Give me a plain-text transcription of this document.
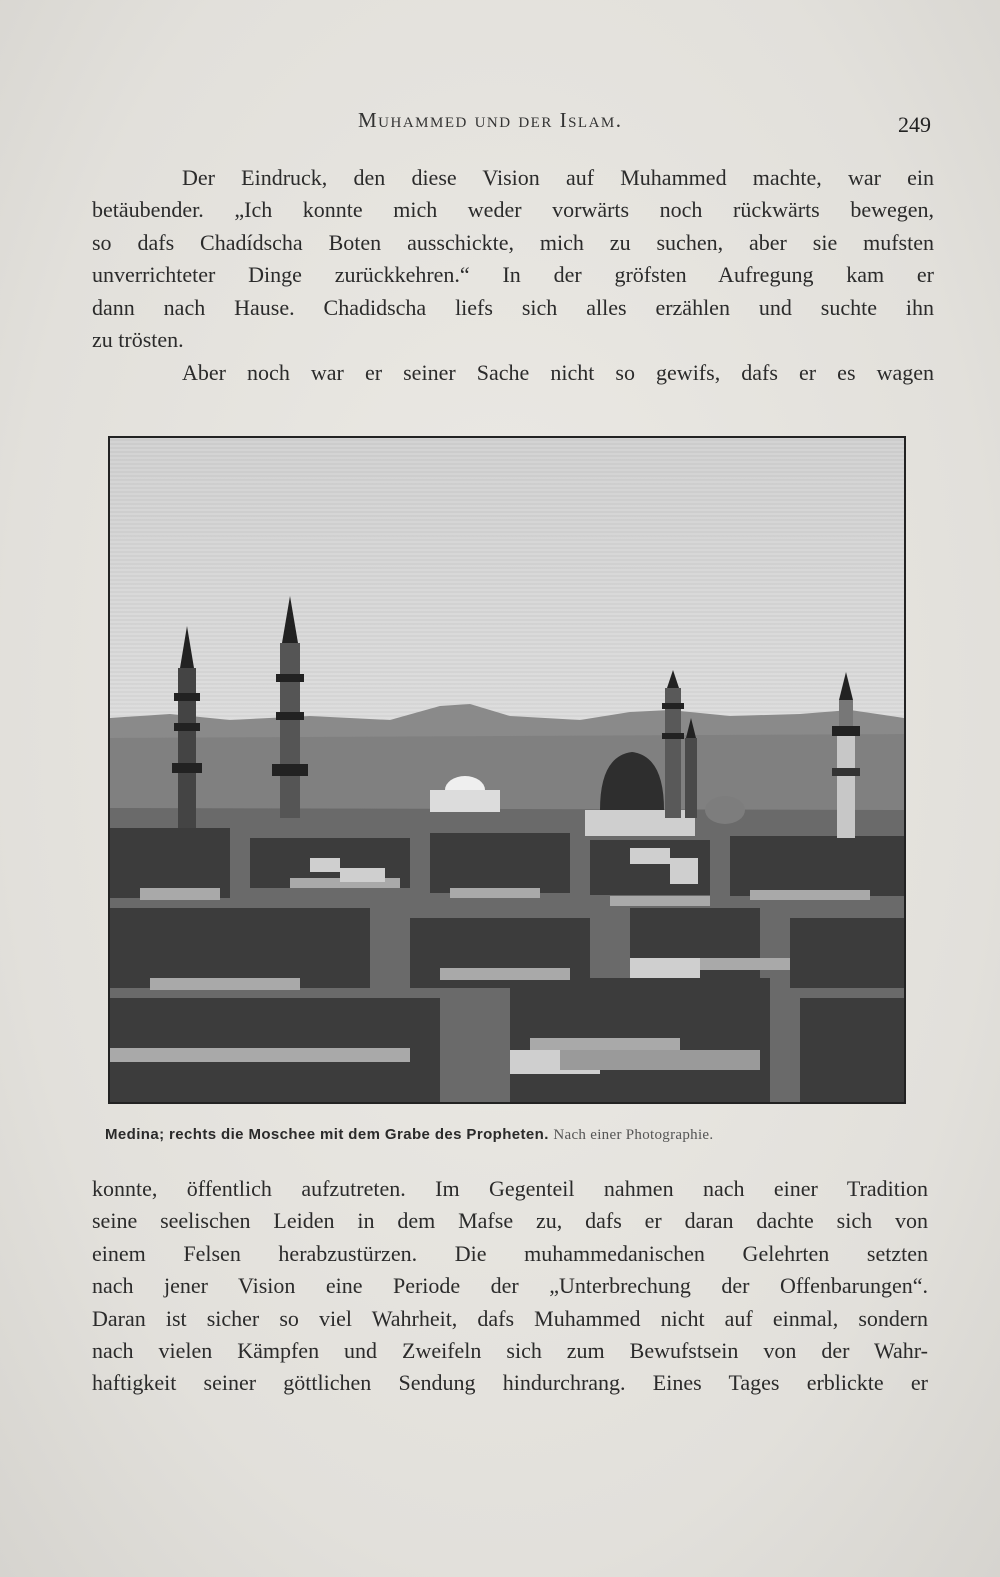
Muhammed und der Islam.	249
Der Eindruck, den diese Vision auf Muhammed machte, war ein
betäubender. „Ich konnte mich weder vorwärts noch rückwärts bewegen,
so dafs Chadídscha Boten ausschickte, mich zu suchen, aber sie mufsten
unverrichteter Dinge zurückkehren.“ In der gröfsten Aufregung kam er
dann nach Hause. Chadidscha liefs sich alles erzählen und suchte ihn
zu trösten.
Aber noch war er seiner Sache nicht so gewifs, dafs er es wagen
Medina; rechts die Moschee mit dem Grabe des Propheten. Nach einer Photographie.
konnte, öffentlich aufzutreten. Im Gegenteil nahmen nach einer Tradition
seine seelischen Leiden in dem Mafse zu, dafs er daran dachte sich von
einem Felsen herabzustürzen. Die muhammedanischen Gelehrten setzten
nach jener Vision eine Periode der „Unterbrechung der Offenbarungen“.
Daran ist sicher so viel Wahrheit, dafs Muhammed nicht auf einmal, sondern
nach vielen Kämpfen und Zweifeln sich zum Bewufstsein von der Wahr-
haftigkeit seiner göttlichen Sendung hindurchrang. Eines Tages erblickte er
